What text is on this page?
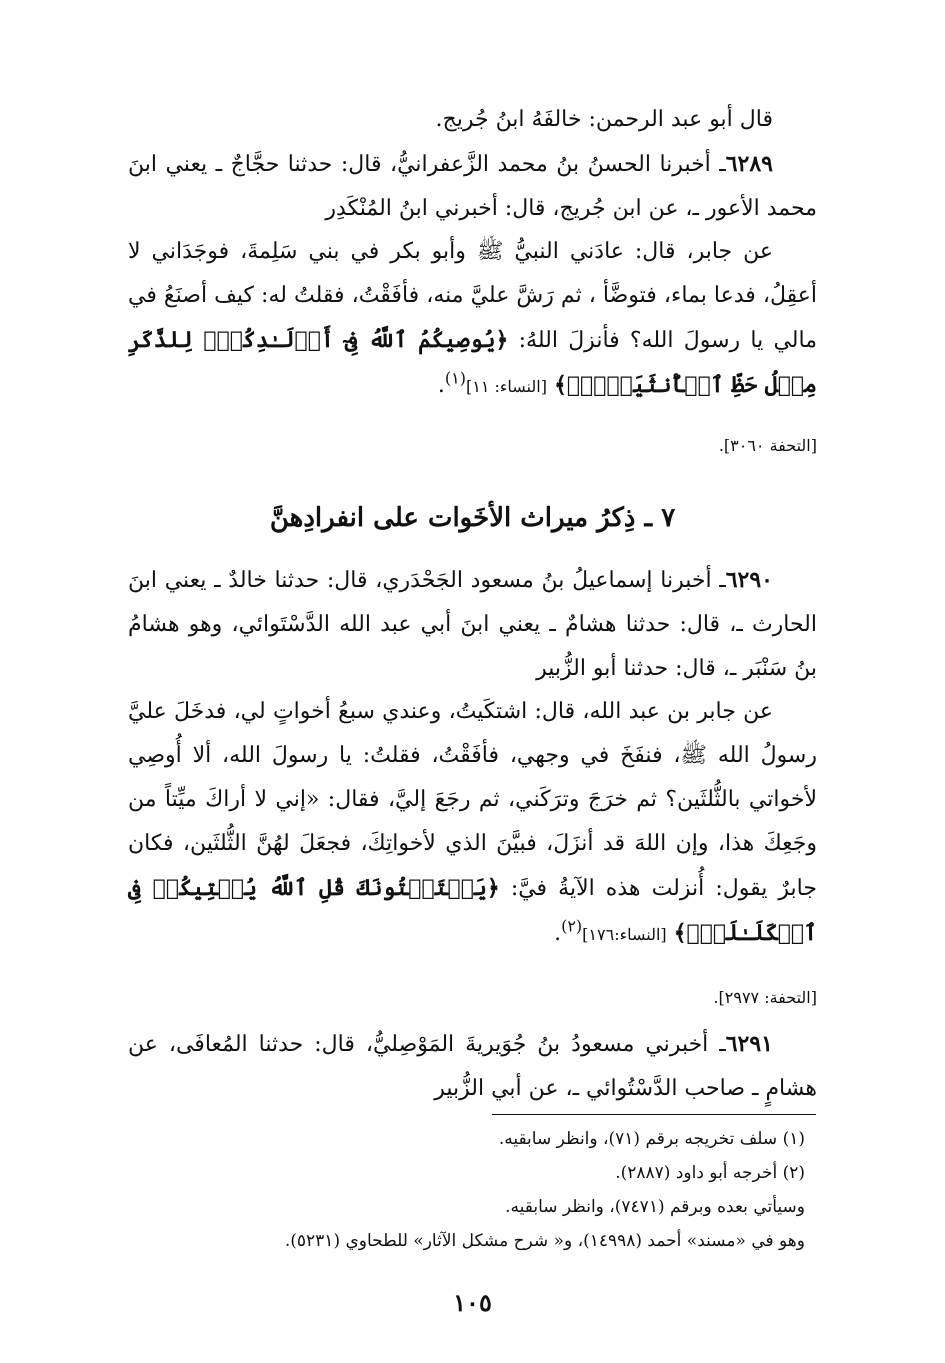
قال أبو عبد الرحمن: خالفَهُ ابنُ جُريج.
٦٢٨٩ـ أخبرنا الحسنُ بنُ محمد الزَّعفرانيُّ، قال: حدثنا حجَّاجٌ ـ يعني ابنَ محمد الأعور ـ، عن ابن جُريج، قال: أخبرني ابنُ المُنْكَدِر
عن جابر، قال: عادَني النبيُّ ﷺ وأبو بكر في بني سَلِمةَ، فوجَدَاني لا أعقِلُ، فدعا بماء، فتوضَّأ ، ثم رَشَّ عليَّ منه، فأفَقْتُ، فقلتُ له: كيف أصنَعُ في مالي يا رسولَ الله؟ فأنزلَ اللهُ: ﴿يُوصِيكُمُ ٱللَّهُ فِىٓ أَوۡلَـٰدِكُمۡۖ لِلذَّكَرِ مِثۡلُ حَظِّ ٱلۡأُنثَيَيۡنِۚ﴾ [النساء: ١١]$^{(١)}$.
[التحفة ٣٠٦٠].
٧ ـ ذِكرُ ميراث الأخَوات على انفرادِهنَّ
٦٢٩٠ـ أخبرنا إسماعيلُ بنُ مسعود الجَحْدَري، قال: حدثنا خالدٌ ـ يعني ابنَ الحارث ـ، قال: حدثنا هشامٌ ـ يعني ابنَ أبي عبد الله الدَّسْتَوائي، وهو هشامُ بنُ سَنْبَر ـ، قال: حدثنا أبو الزُّبير
عن جابر بن عبد الله، قال: اشتكَيتُ، وعندي سبعُ أخواتٍ لي، فدخَلَ عليَّ رسولُ الله ﷺ، فنفَخَ في وجهي، فأفَقْتُ، فقلتُ: يا رسولَ الله، ألا أُوصِي لأخواتي بالثُّلثَين؟ ثم خرَجَ وترَكَني، ثم رجَعَ إليَّ، فقال: «إني لا أراكَ ميِّتاً من وجَعِكَ هذا، وإن اللهَ قد أنزَلَ، فبيَّنَ الذي لأخواتِكَ، فجعَلَ لهُنَّ الثُّلثَين، فكان جابرٌ يقول: أُنزلت هذه الآيةُ فيَّ: ﴿يَسۡتَفۡتُونَكَ قُلِ ٱللَّهُ يُفۡتِيكُمۡ فِى ٱلۡكَلَـٰلَةِۚ﴾ [النساء:١٧٦]$^{(٢)}$.
[التحفة: ٢٩٧٧].
٦٢٩١ـ أخبرني مسعودُ بنُ جُوَيريةَ المَوْصِليُّ، قال: حدثنا المُعافَى، عن هشامٍ ـ صاحب الدَّسْتُوائي ـ، عن أبي الزُّبير
(١) سلف تخريجه برقم (٧١)، وانظر سابقيه.
(٢) أخرجه أبو داود (٢٨٨٧).
وسيأتي بعده وبرقم (٧٤٧١)، وانظر سابقيه.
وهو في «مسند» أحمد (١٤٩٩٨)، و« شرح مشكل الآثار» للطحاوي (٥٢٣١).
١٠٥
